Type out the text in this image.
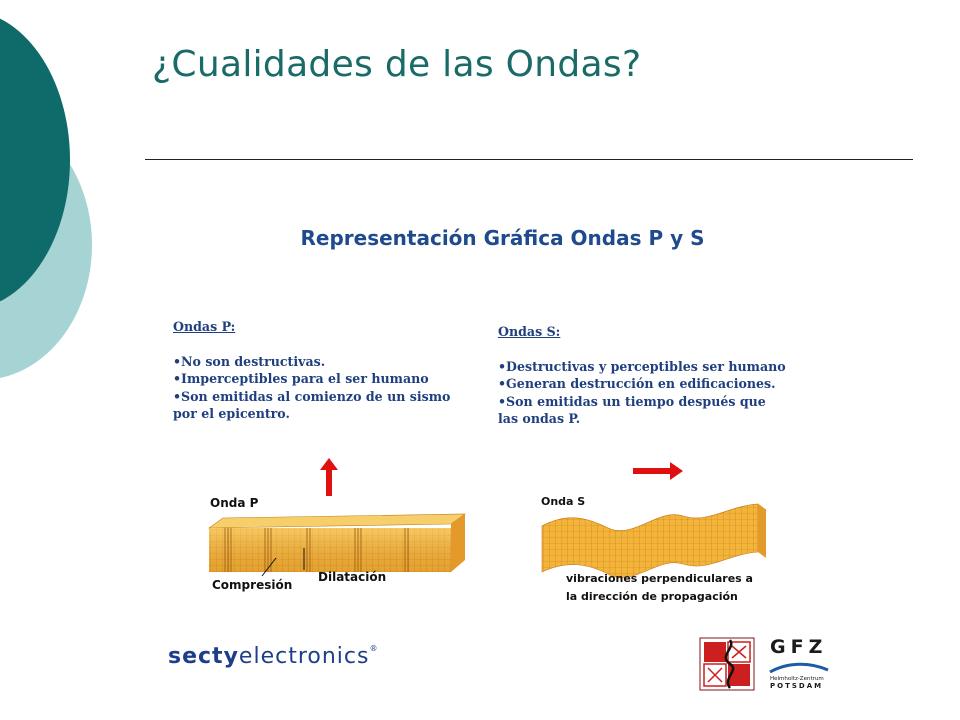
¿Cualidades de las Ondas?
Representación Gráfica Ondas P y S
Ondas P:
•No son destructivas.
•Imperceptibles para el ser humano
•Son emitidas al comienzo de un sismo
por el epicentro.
Ondas S:
•Destructivas y perceptibles ser humano
•Generan destrucción en edificaciones.
•Son emitidas un tiempo después que
las ondas P.
Onda P	Onda S
Compresión
Dilatación	vibraciones perpendiculares a
la dirección de propagación
sectyelectronics®	GFZ
Helmholtz-Zentrum
POTSDAM
